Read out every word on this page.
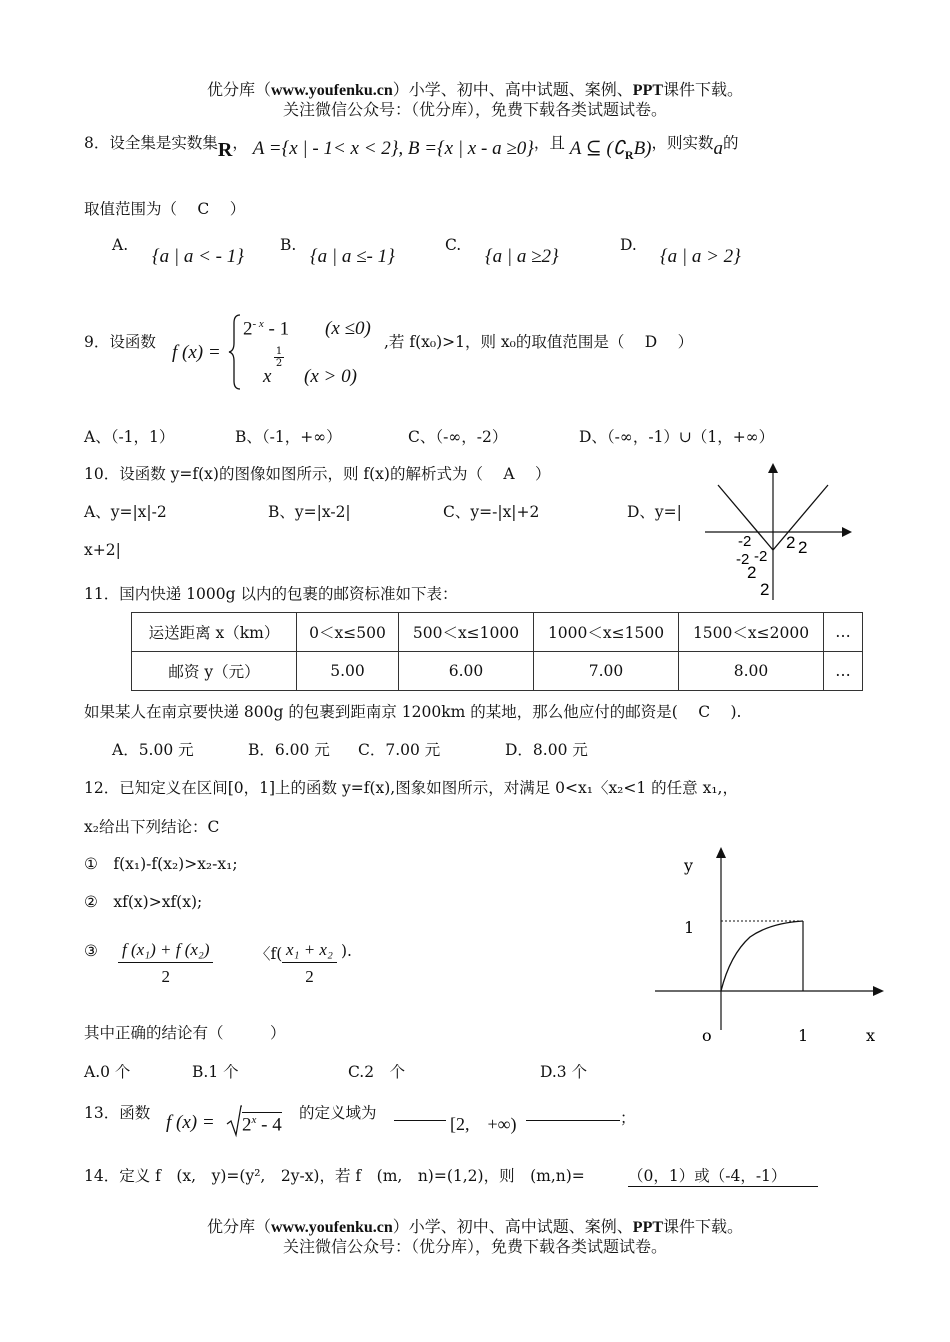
优分库（www.youfenku.cn）小学、初中、高中试题、案例、PPT课件下载。
关注微信公众号：（优分库），免费下载各类试题试卷。
8．设全集是实数集R， A ={x | - 1< x < 2}, B ={x | x - a ≥0}，且 A ⊆ $(∁_RB)$，则实数a的
取值范围为（　 C　 ）
A.
{a | a < - 1}
B.
{a | a ≤- 1}
C.
{a | a ≥2}
D.
{a | a > 2}
9．设函数 f (x) =
$2^{- x} - 1$ (x ≤0)
x
$\frac{1}{2}$
(x > 0)
,若 f(x₀)>1，则 x₀的取值范围是（　 D　 ）
A、（-1，1）	B、（-1，+∞）	C、（-∞，-2）	D、（-∞，-1）∪（1，+∞）
10．设函数 y=f(x)的图像如图所示，则 f(x)的解析式为（　 A　 ）
A、y=|x|-2	B、y=|x-2|	C、y=-|x|+2	D、y=|
x+2|	-2 2 2
-2 -2
2
2
11．国内快递 1000g 以内的包裹的邮资标准如下表：
运送距离 x（km）	0＜x≤500	500＜x≤1000	1000＜x≤1500	1500＜x≤2000	…
邮资 y（元）	5.00	6.00	7.00	8.00	…
如果某人在南京要快递 800g 的包裹到距南京 1200km 的某地，那么他应付的邮资是(　 C　 ).
A．5.00 元	B．6.00 元 C．7.00 元	D．8.00 元
12．已知定义在区间[0，1]上的函数 y=f(x),图象如图所示，对满足 0<x₁〈x₂<1 的任意 x₁,，
x₂给出下列结论：C
①　f(x₁)-f(x₂)>x₂-x₁;
②　xf(x)>xf(x);
③ $\frac{\text{f (x₁) + f (x₂)}}{2}$	〈$f( \frac{\text{x₁ + x₂}}{2}$ ).
其中正确的结论有（　　　）
A.0 个	B.1 个	C.2　个	D.3 个
y
1
o	1	x
13．函数 f $(x) = 2^x - 4$
的定义域为
[2,　+∞)	；
14．定义 f　(x,　y)=(y²,　2y-x)，若 f　(m,　n)=(1,2)，则　(m,n)=	（0，1）或（-4，-1）
优分库（www.youfenku.cn）小学、初中、高中试题、案例、PPT课件下载。
关注微信公众号：（优分库），免费下载各类试题试卷。
